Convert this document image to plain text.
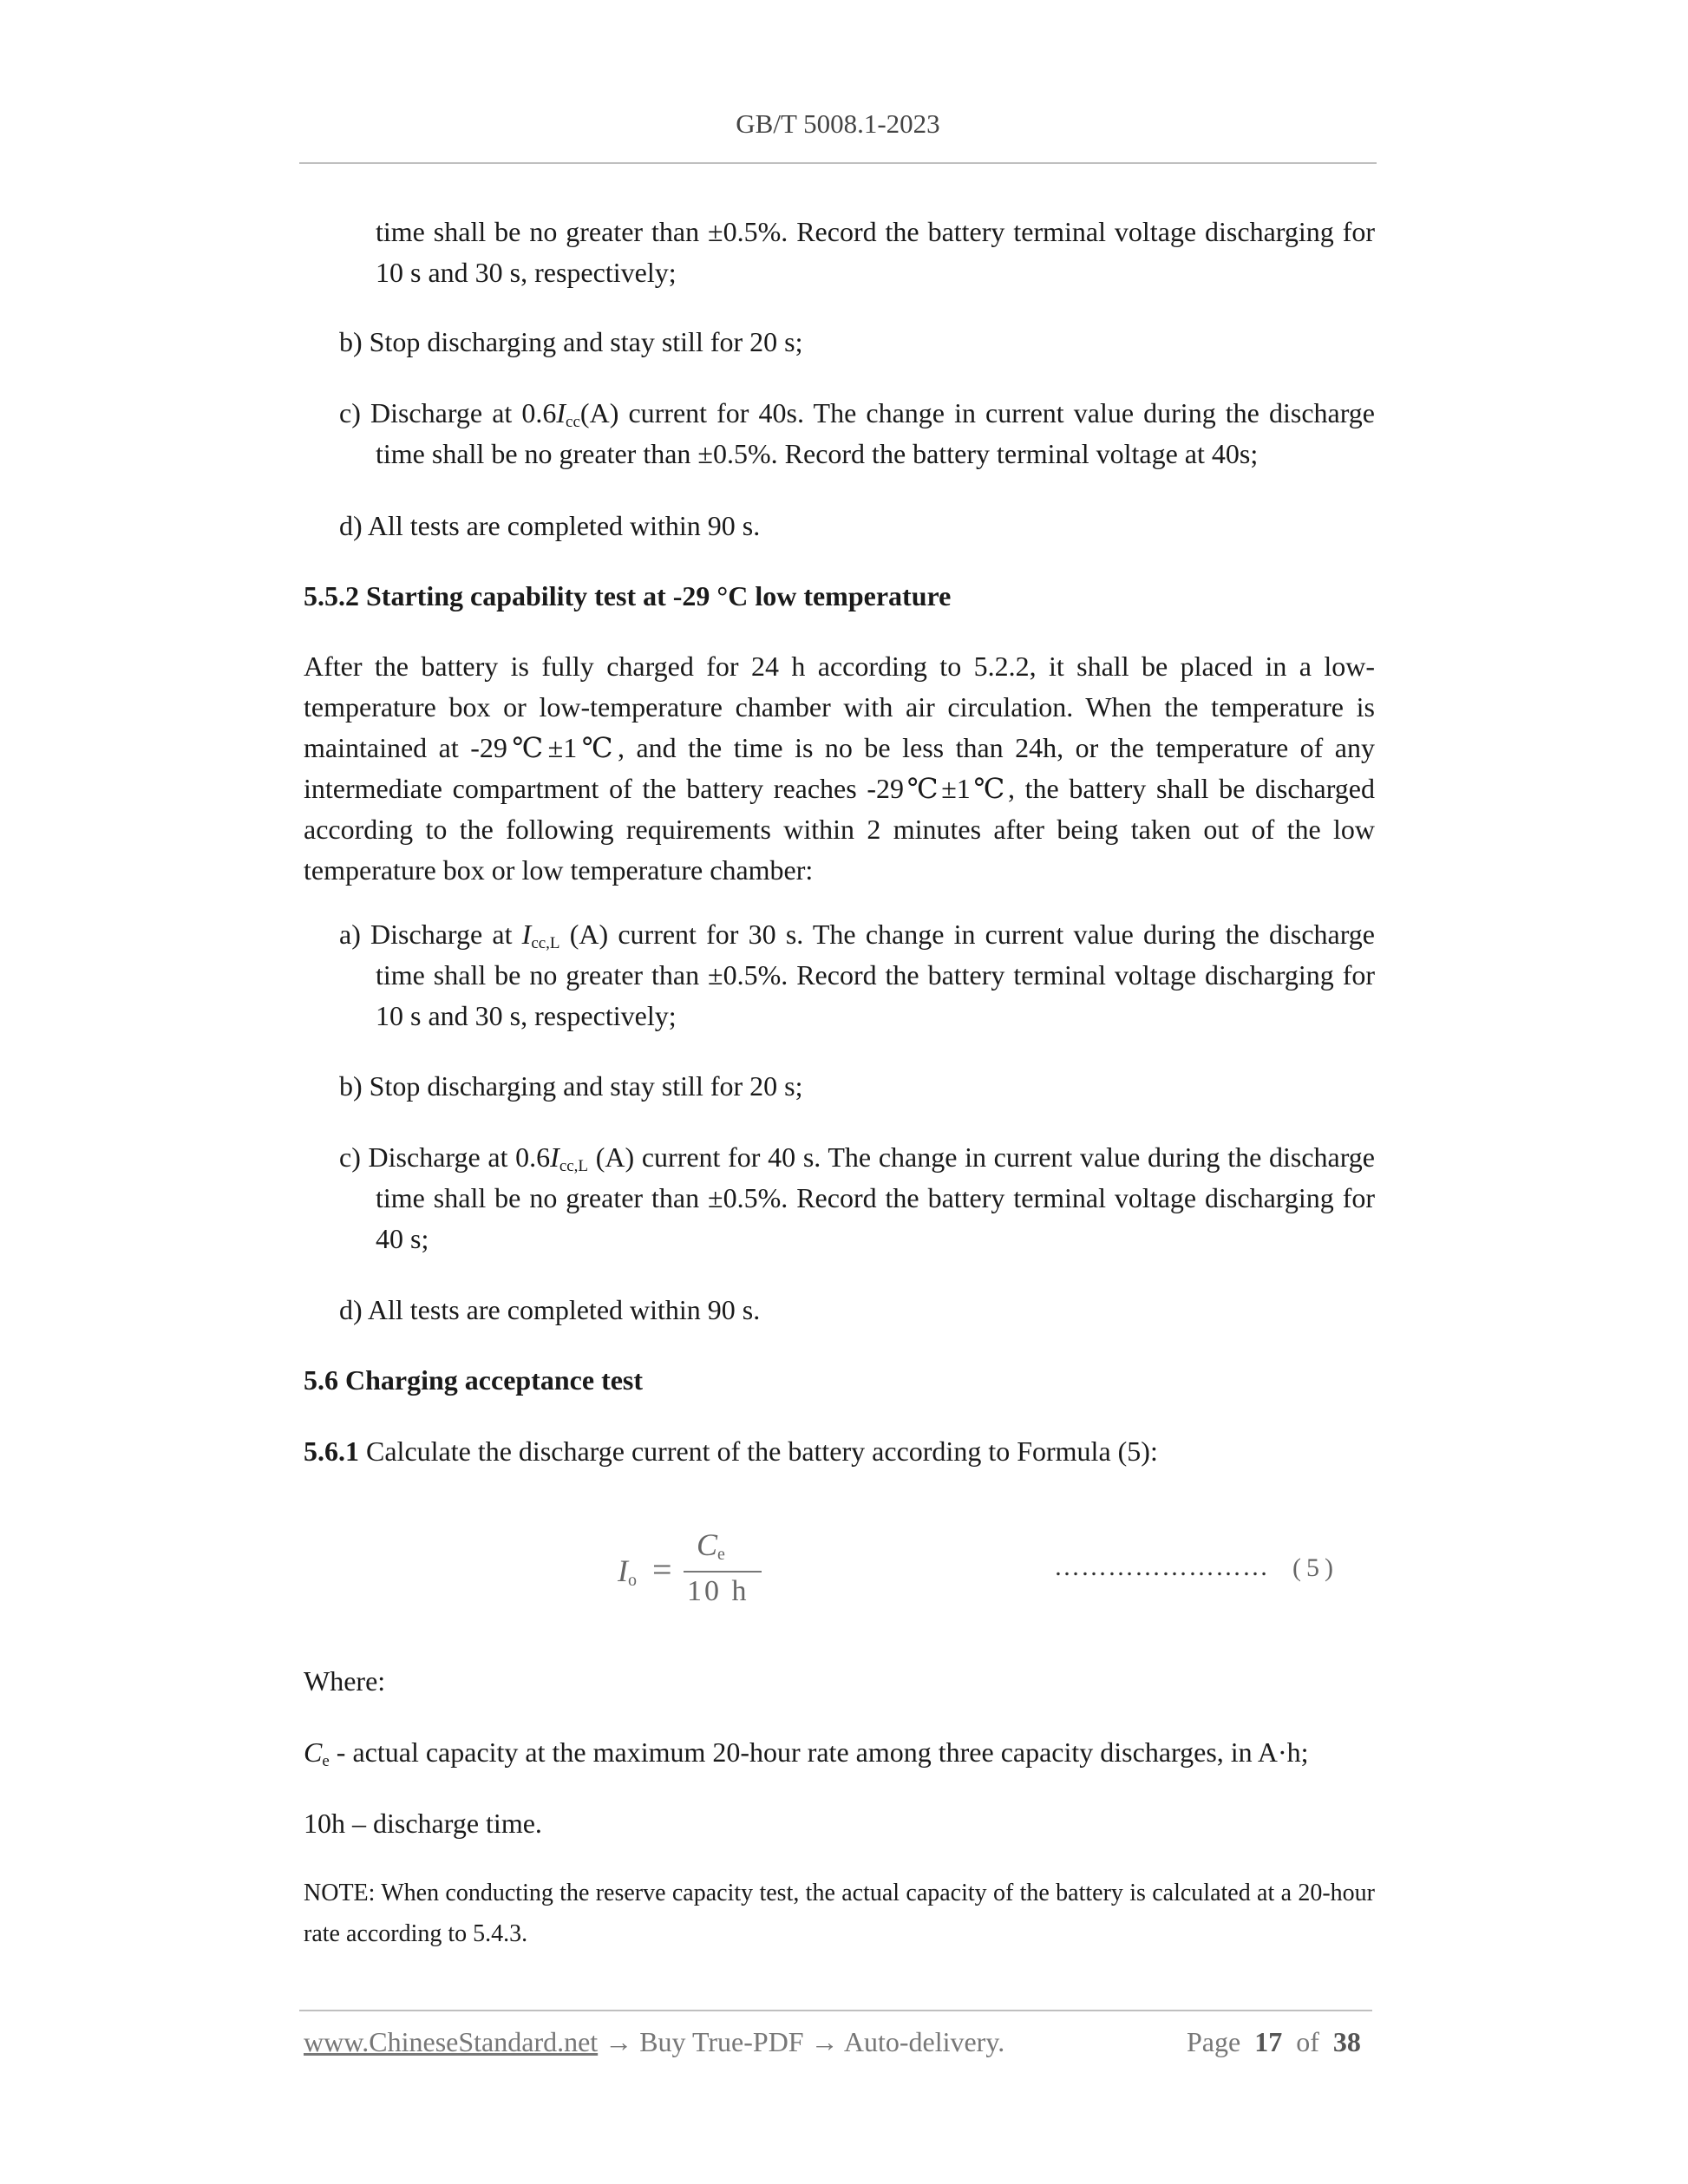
GB/T 5008.1-2023
time shall be no greater than ±0.5%. Record the battery terminal voltage discharging for 10 s and 30 s, respectively;
b) Stop discharging and stay still for 20 s;
c) Discharge at $0.6I_{cc}(A)$ current for 40s. The change in current value during the discharge time shall be no greater than ±0.5%. Record the battery terminal voltage at 40s;
d) All tests are completed within 90 s.
5.5.2 Starting capability test at -29 °C low temperature
After the battery is fully charged for 24 h according to 5.2.2, it shall be placed in a low-temperature box or low-temperature chamber with air circulation. When the temperature is maintained at -29℃±1℃, and the time is no be less than 24h, or the temperature of any intermediate compartment of the battery reaches -29℃±1℃, the battery shall be discharged according to the following requirements within 2 minutes after being taken out of the low temperature box or low temperature chamber:
a) Discharge at $I_{cc,L}$ (A) current for 30 s. The change in current value during the discharge time shall be no greater than ±0.5%. Record the battery terminal voltage discharging for 10 s and 30 s, respectively;
b) Stop discharging and stay still for 20 s;
c) Discharge at $0.6I_{cc,L}$ (A) current for 40 s. The change in current value during the discharge time shall be no greater than ±0.5%. Record the battery terminal voltage discharging for 40 s;
d) All tests are completed within 90 s.
5.6 Charging acceptance test
5.6.1 Calculate the discharge current of the battery according to Formula (5):
$I_o$ =
$C_e$
10 h
…………………… (5)
Where:
$C_e$ - actual capacity at the maximum 20-hour rate among three capacity discharges, in A·h;
10h – discharge time.
NOTE: When conducting the reserve capacity test, the actual capacity of the battery is calculated at a 20-hour rate according to 5.4.3.
www.ChineseStandard.net → Buy True-PDF → Auto-delivery.	Page 17 of 38
